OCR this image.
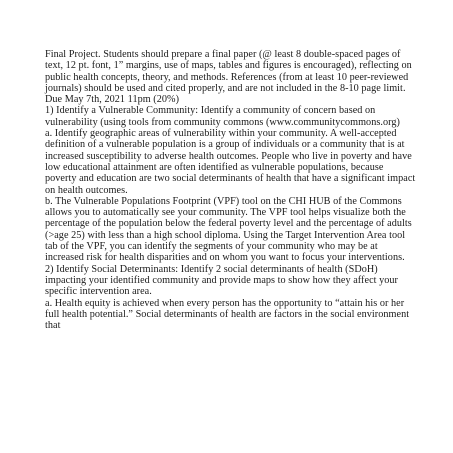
Final Project. Students should prepare a final paper (@ least 8 double-spaced pages of text, 12 pt. font, 1” margins, use of maps, tables and figures is encouraged), reflecting on public health concepts, theory, and methods. References (from at least 10 peer-reviewed journals) should be used and cited properly, and are not included in the 8-10 page limit. Due May 7th, 2021 11pm (20%)

1) Identify a Vulnerable Community: Identify a community of concern based on vulnerability (using tools from community commons (www.communitycommons.org)

a. Identify geographic areas of vulnerability within your community. A well-accepted definition of a vulnerable population is a group of individuals or a community that is at increased susceptibility to adverse health outcomes. People who live in poverty and have low educational attainment are often identified as vulnerable populations, because poverty and education are two social determinants of health that have a significant impact on health outcomes.

b. The Vulnerable Populations Footprint (VPF) tool on the CHI HUB of the Commons allows you to automatically see your community. The VPF tool helps visualize both the percentage of the population below the federal poverty level and the percentage of adults (>age 25) with less than a high school diploma. Using the Target Intervention Area tool tab of the VPF, you can identify the segments of your community who may be at increased risk for health disparities and on whom you want to focus your interventions.

2) Identify Social Determinants: Identify 2 social determinants of health (SDoH) impacting your identified community and provide maps to show how they affect your specific intervention area.

a. Health equity is achieved when every person has the opportunity to “attain his or her full health potential.” Social determinants of health are factors in the social environment that
